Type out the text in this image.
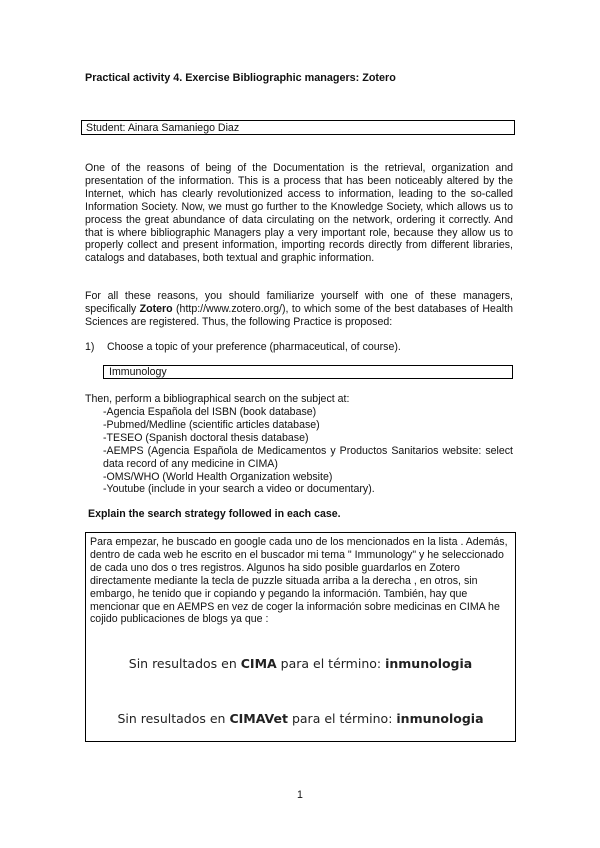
Practical activity 4. Exercise Bibliographic managers: Zotero
Student: Ainara Samaniego Diaz
One of the reasons of being of the Documentation is the retrieval, organization and presentation of the information. This is a process that has been noticeably altered by the Internet, which has clearly revolutionized access to information, leading to the so-called Information Society. Now, we must go further to the Knowledge Society, which allows us to process the great abundance of data circulating on the network, ordering it correctly. And that is where bibliographic Managers play a very important role, because they allow us to properly collect and present information, importing records directly from different libraries, catalogs and databases, both textual and graphic information.
For all these reasons, you should familiarize yourself with one of these managers, specifically Zotero (http://www.zotero.org/), to which some of the best databases of Health Sciences are registered. Thus, the following Practice is proposed:
1) Choose a topic of your preference (pharmaceutical, of course).
Immunology
Then, perform a bibliographical search on the subject at:
-Agencia Española del ISBN (book database)
-Pubmed/Medline (scientific articles database)
-TESEO (Spanish doctoral thesis database)
-AEMPS (Agencia Española de Medicamentos y Productos Sanitarios website: select data record of any medicine in CIMA)
-OMS/WHO (World Health Organization website)
-Youtube (include in your search a video or documentary).
Explain the search strategy followed in each case.
Para empezar, he buscado en google cada uno de los mencionados en la lista . Además, dentro de cada web he escrito en el buscador mi tema " Immunology" y he seleccionado de cada uno dos o tres registros. Algunos ha sido posible guardarlos en Zotero directamente mediante la tecla de puzzle situada arriba a la derecha , en otros, sin embargo, he tenido que ir copiando y pegando la información. También, hay que mencionar que en AEMPS en vez de coger la información sobre medicinas en CIMA he cojido publicaciones de blogs ya que :
Sin resultados en CIMA para el término: inmunologia
Sin resultados en CIMAVet para el término: inmunologia
1
